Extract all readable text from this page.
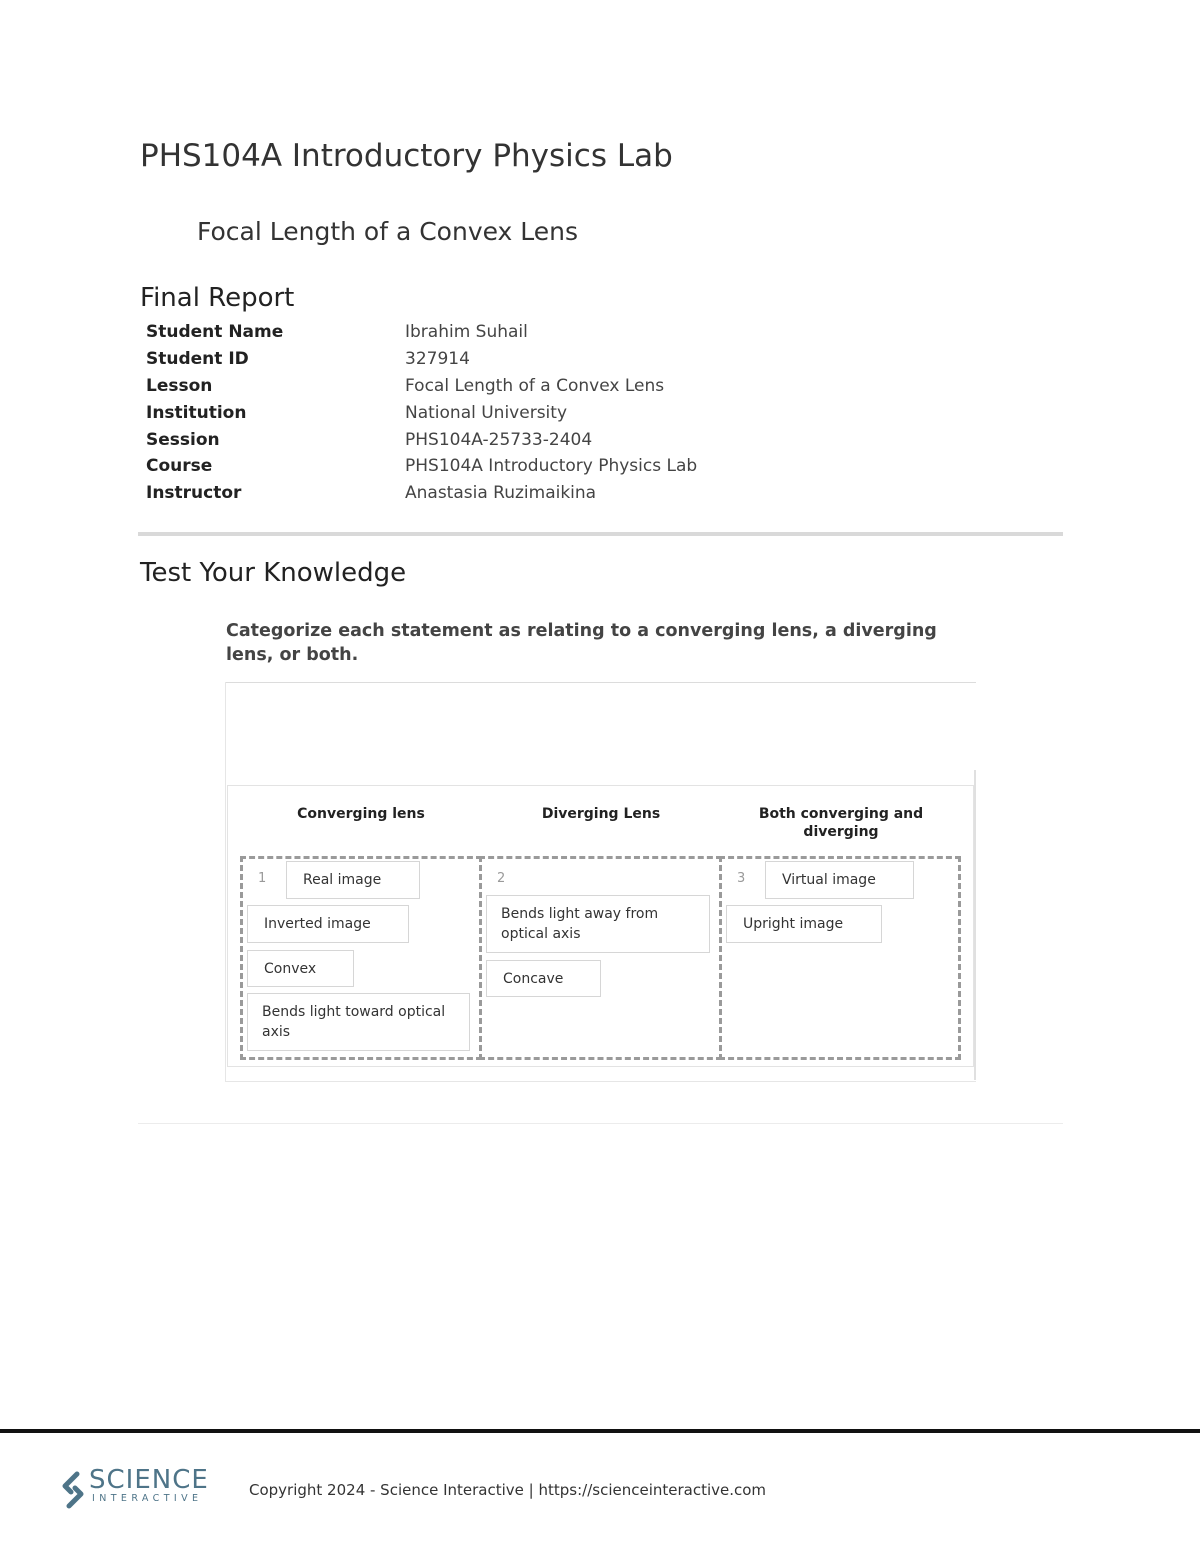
PHS104A Introductory Physics Lab
Focal Length of a Convex Lens
Final Report
Student Name	Ibrahim Suhail
Student ID	327914
Lesson	Focal Length of a Convex Lens
Institution	National University
Session	PHS104A-25733-2404
Course	PHS104A Introductory Physics Lab
Instructor	Anastasia Ruzimaikina
Test Your Knowledge
Categorize each statement as relating to a converging lens, a diverging lens, or both.
Converging lens	Diverging Lens	Both converging and diverging
1	2	3
Real image
Inverted image
Convex
Bends light toward optical axis
Bends light away from optical axis
Concave
Virtual image
Upright image
SCIENCE
INTERACTIVE	Copyright 2024 - Science Interactive | https://scienceinteractive.com
